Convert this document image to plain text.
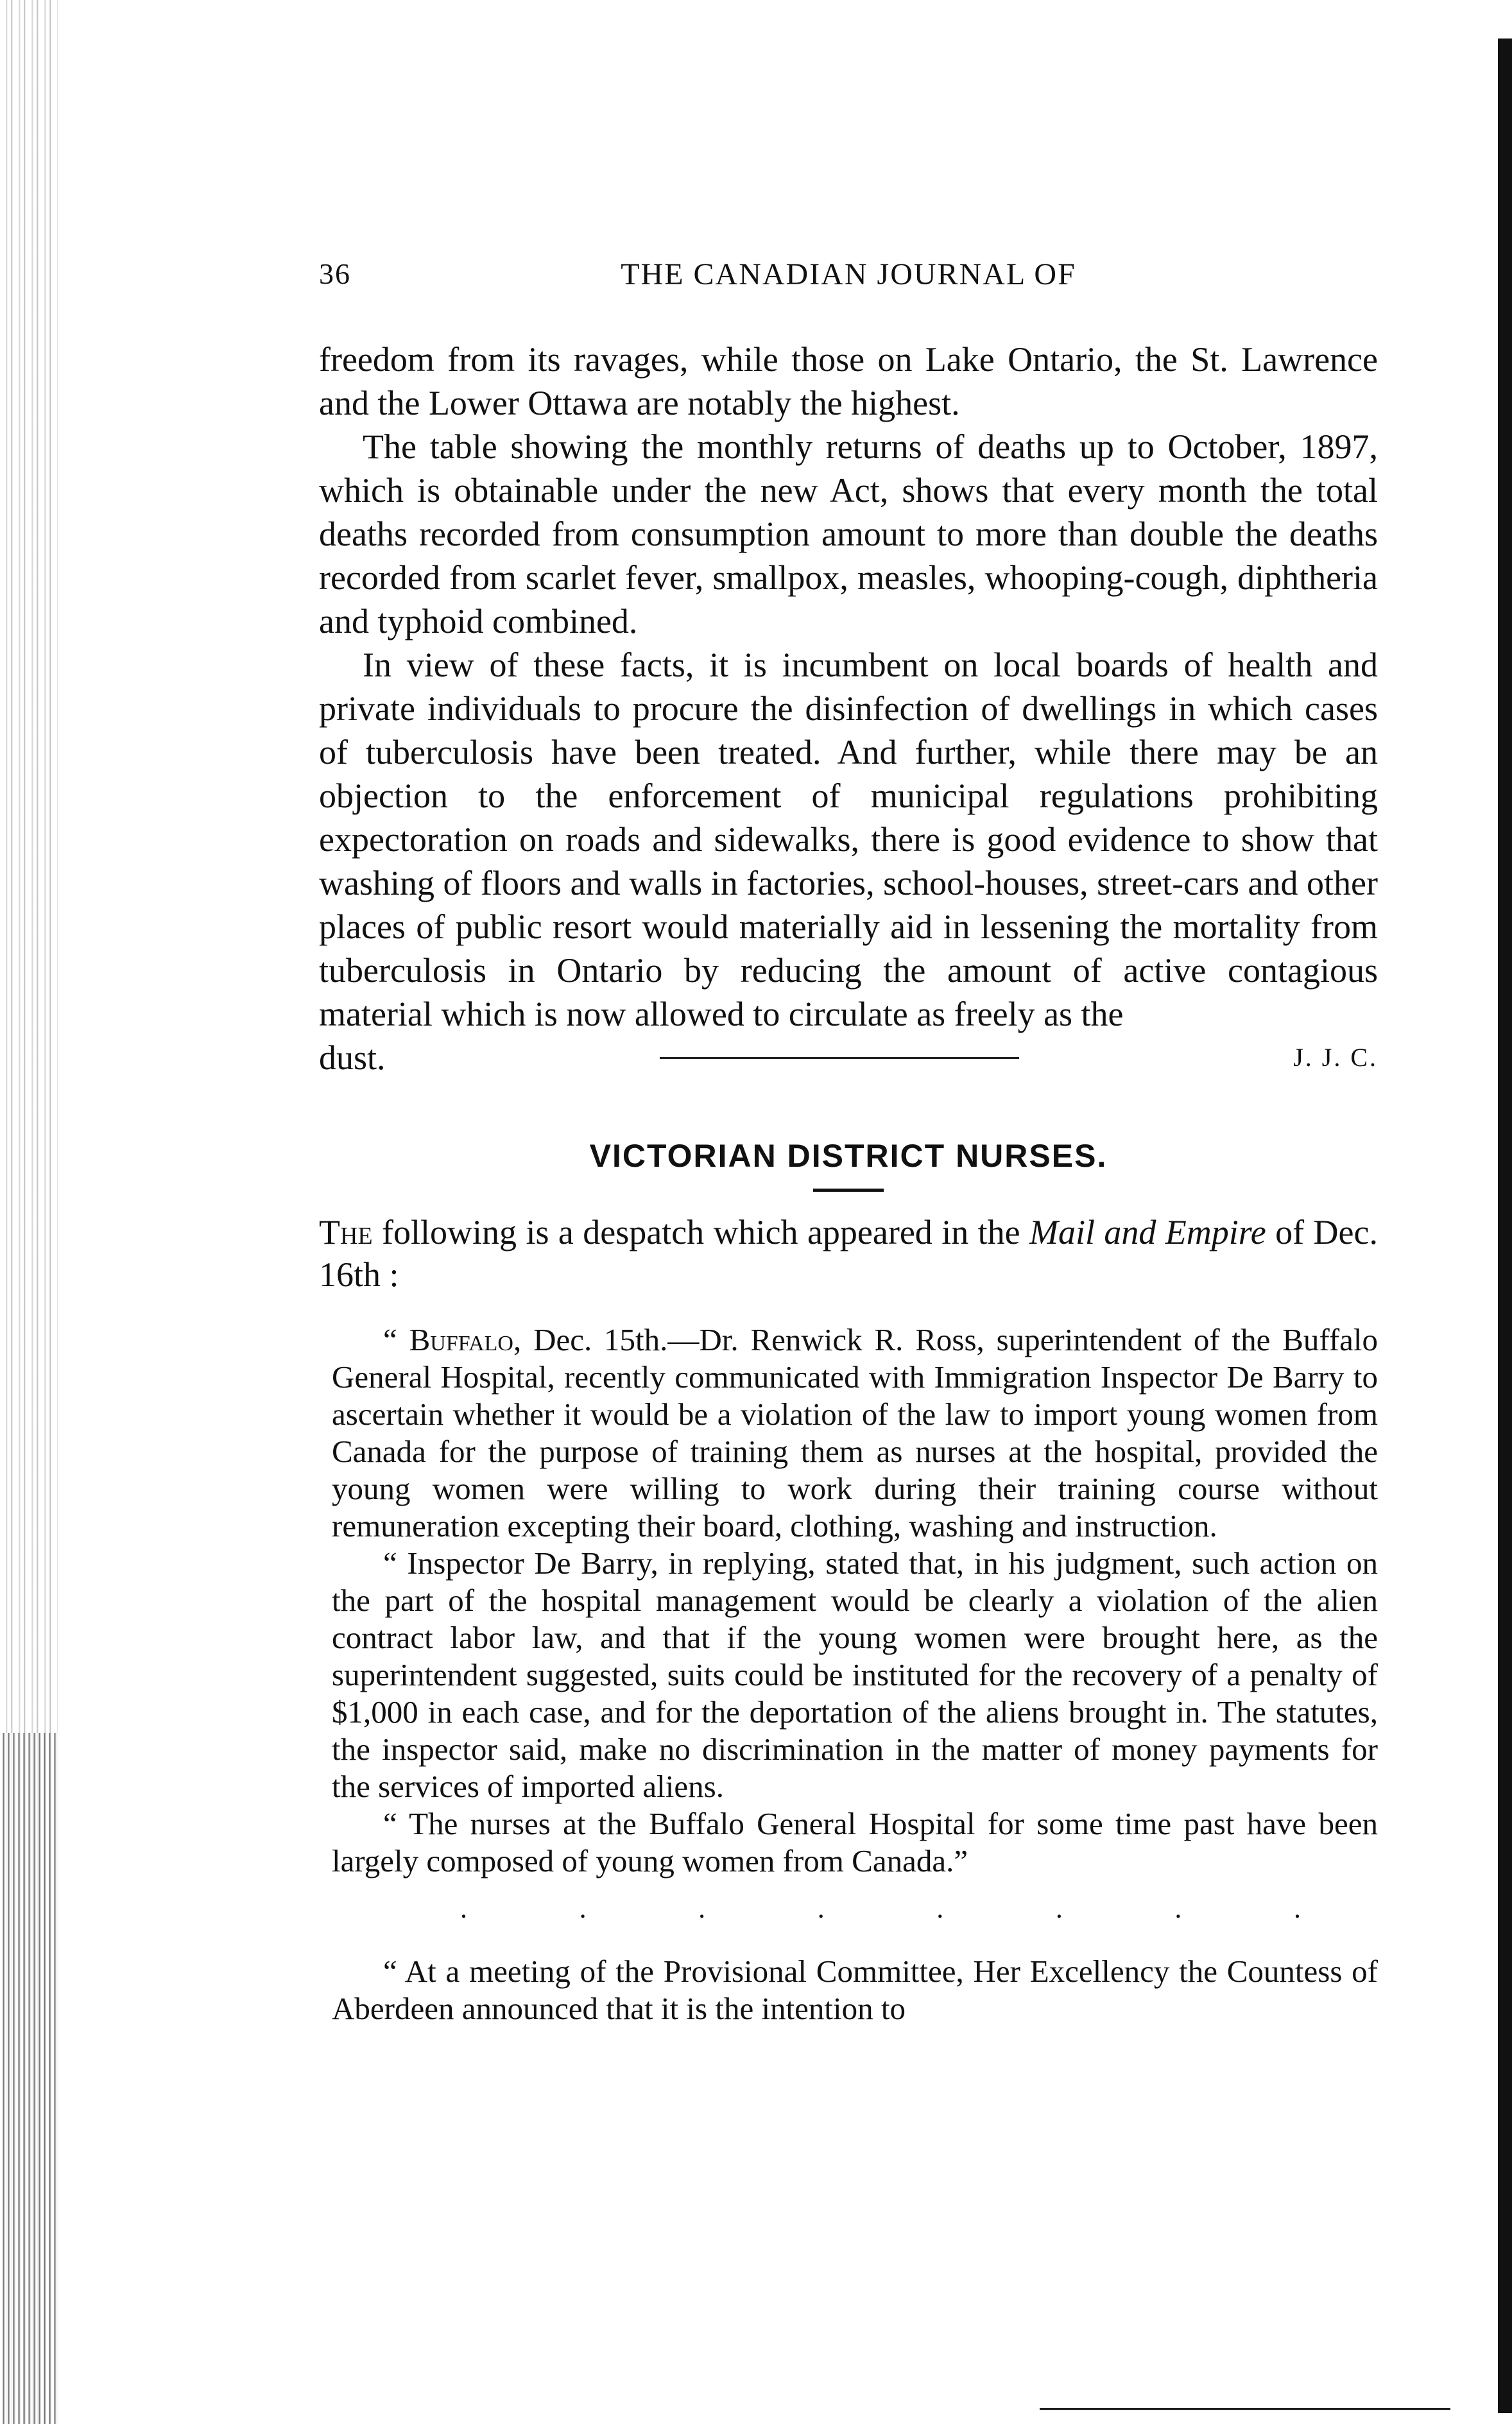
36	THE CANADIAN JOURNAL OF

freedom from its ravages, while those on Lake Ontario, the St. Lawrence and the Lower Ottawa are notably the highest.

The table showing the monthly returns of deaths up to October, 1897, which is obtainable under the new Act, shows that every month the total deaths recorded from consumption amount to more than double the deaths recorded from scarlet fever, smallpox, measles, whooping-cough, diphtheria and typhoid combined.

In view of these facts, it is incumbent on local boards of health and private individuals to procure the disinfection of dwellings in which cases of tuberculosis have been treated. And further, while there may be an objection to the enforcement of municipal regulations prohibiting expectoration on roads and sidewalks, there is good evidence to show that washing of floors and walls in factories, school-houses, street-cars and other places of public resort would materially aid in lessening the mortality from tuberculosis in Ontario by reducing the amount of active contagious material which is now allowed to circulate as freely as the

dust.	J. J. C.
VICTORIAN DISTRICT NURSES.
The following is a despatch which appeared in the Mail and Empire of Dec. 16th :

“ Buffalo, Dec. 15th.—Dr. Renwick R. Ross, superintendent of the Buffalo General Hospital, recently communicated with Immigration Inspector De Barry to ascertain whether it would be a violation of the law to import young women from Canada for the purpose of training them as nurses at the hospital, provided the young women were willing to work during their training course without remuneration excepting their board, clothing, washing and instruction.

“ Inspector De Barry, in replying, stated that, in his judgment, such action on the part of the hospital management would be clearly a violation of the alien contract labor law, and that if the young women were brought here, as the superintendent suggested, suits could be instituted for the recovery of a penalty of $1,000 in each case, and for the deportation of the aliens brought in. The statutes, the inspector said, make no discrimination in the matter of money payments for the services of imported aliens.

“ The nurses at the Buffalo General Hospital for some time past have been largely composed of young women from Canada.”

.	.	.	.	.	.	.	.

“ At a meeting of the Provisional Committee, Her Excellency the Countess of Aberdeen announced that it is the intention to
